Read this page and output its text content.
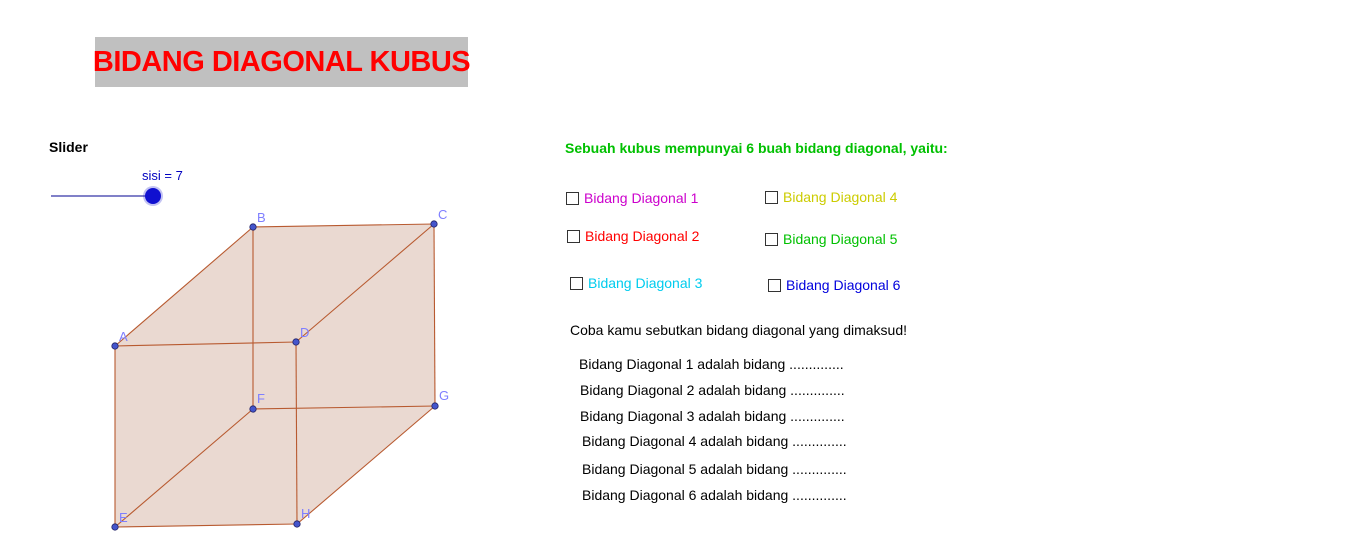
BIDANG DIAGONAL KUBUS
Slider
sisi = 7
A
B	C
D
E
F	G
H
Sebuah kubus mempunyai 6 buah bidang diagonal, yaitu:
Bidang Diagonal 1
Bidang Diagonal 2
Bidang Diagonal 3
Bidang Diagonal 4
Bidang Diagonal 5
Bidang Diagonal 6
Coba kamu sebutkan bidang diagonal yang dimaksud!
Bidang Diagonal 1 adalah bidang ..............
Bidang Diagonal 2 adalah bidang ..............
Bidang Diagonal 3 adalah bidang ..............
Bidang Diagonal 4 adalah bidang ..............
Bidang Diagonal 5 adalah bidang ..............
Bidang Diagonal 6 adalah bidang ..............
